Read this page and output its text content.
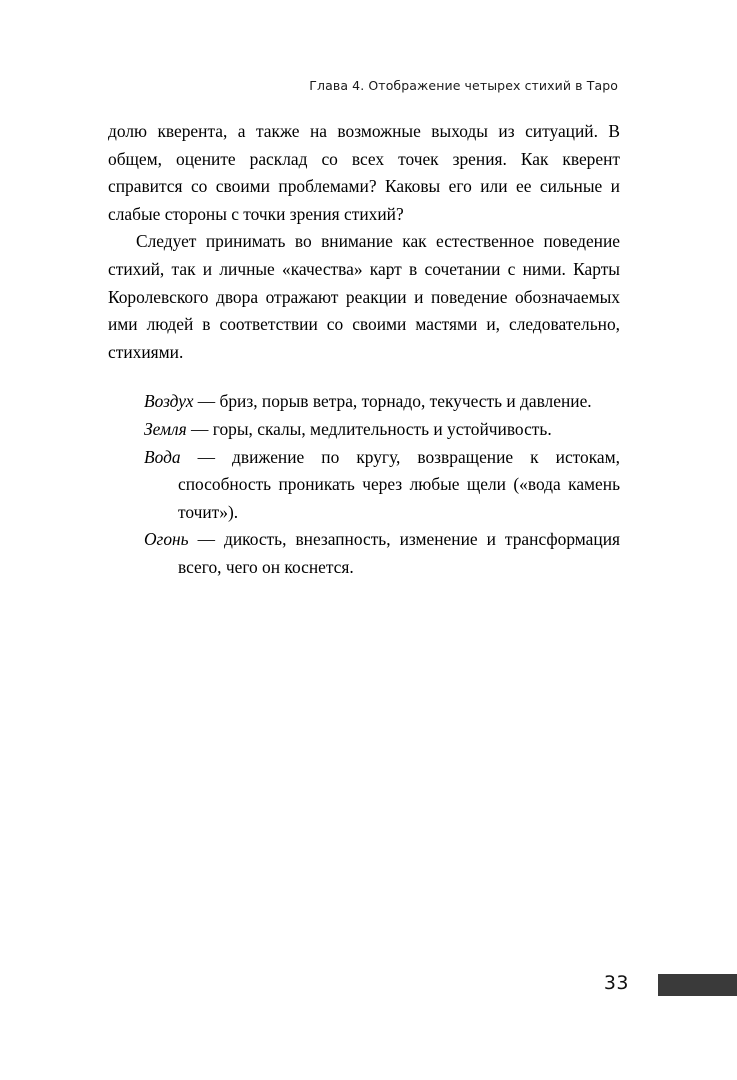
Глава 4. Отображение четырех стихий в Таро

долю кверента, а также на возможные выходы из ситуаций. В общем, оцените расклад со всех точек зрения. Как кверент справится со своими проблемами? Каковы его или ее сильные и слабые стороны с точки зрения стихий?

Следует принимать во внимание как естественное поведение стихий, так и личные «качества» карт в сочетании с ними. Карты Королевского двора отражают реакции и поведение обозначаемых ими людей в соответствии со своими мастями и, следовательно, стихиями.

Воздух — бриз, порыв ветра, торнадо, текучесть и давление.

Земля — горы, скалы, медлительность и устойчивость.

Вода — движение по кругу, возвращение к истокам, способность проникать через любые щели («вода камень точит»).

Огонь — дикость, внезапность, изменение и трансформация всего, чего он коснется.

33
